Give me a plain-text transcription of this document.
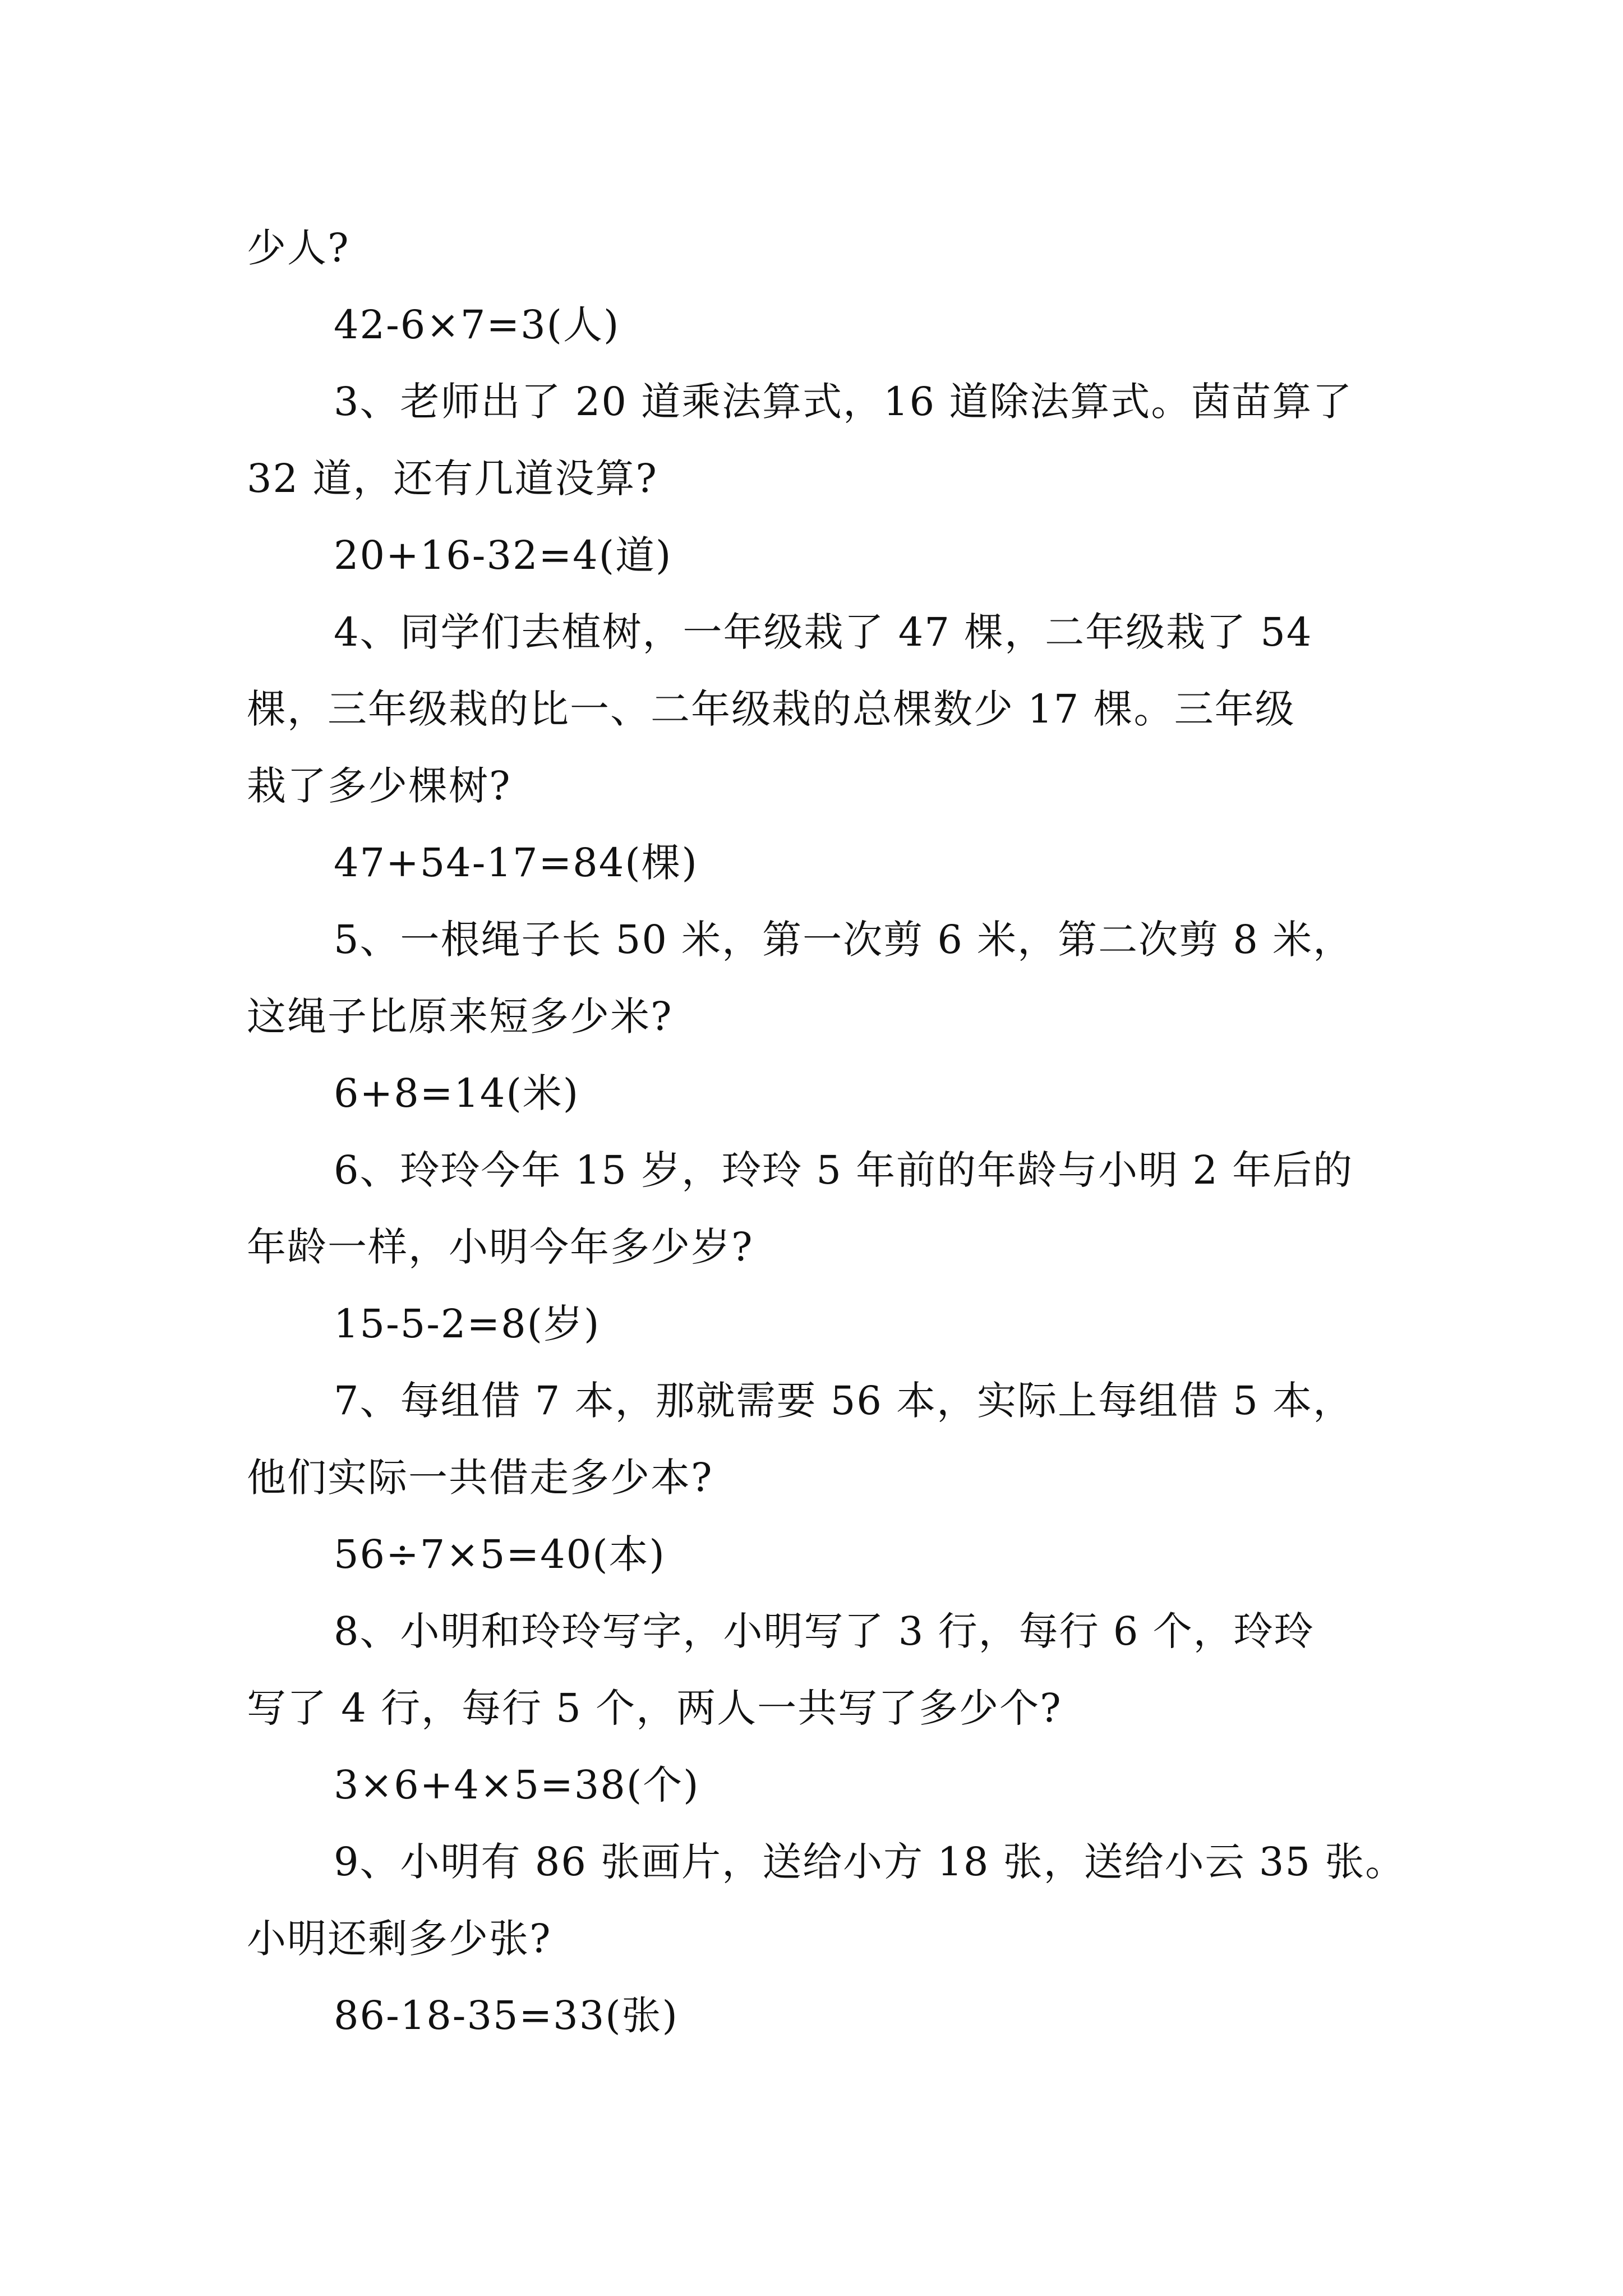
少人?
42-6×7=3(人)
3、老师出了 20 道乘法算式，16 道除法算式。茵苗算了
32 道，还有几道没算?
20+16-32=4(道)
4、同学们去植树，一年级栽了 47 棵，二年级栽了 54
棵，三年级栽的比一、二年级栽的总棵数少 17 棵。三年级
栽了多少棵树?
47+54-17=84(棵)
5、一根绳子长 50 米，第一次剪 6 米，第二次剪 8 米，
这绳子比原来短多少米?
6+8=14(米)
6、玲玲今年 15 岁，玲玲 5 年前的年龄与小明 2 年后的
年龄一样，小明今年多少岁?
15-5-2=8(岁)
7、每组借 7 本，那就需要 56 本，实际上每组借 5 本，
他们实际一共借走多少本?
56÷7×5=40(本)
8、小明和玲玲写字，小明写了 3 行，每行 6 个，玲玲
写了 4 行，每行 5 个，两人一共写了多少个?
3×6+4×5=38(个)
9、小明有 86 张画片，送给小方 18 张，送给小云 35 张。
小明还剩多少张?
86-18-35=33(张)
